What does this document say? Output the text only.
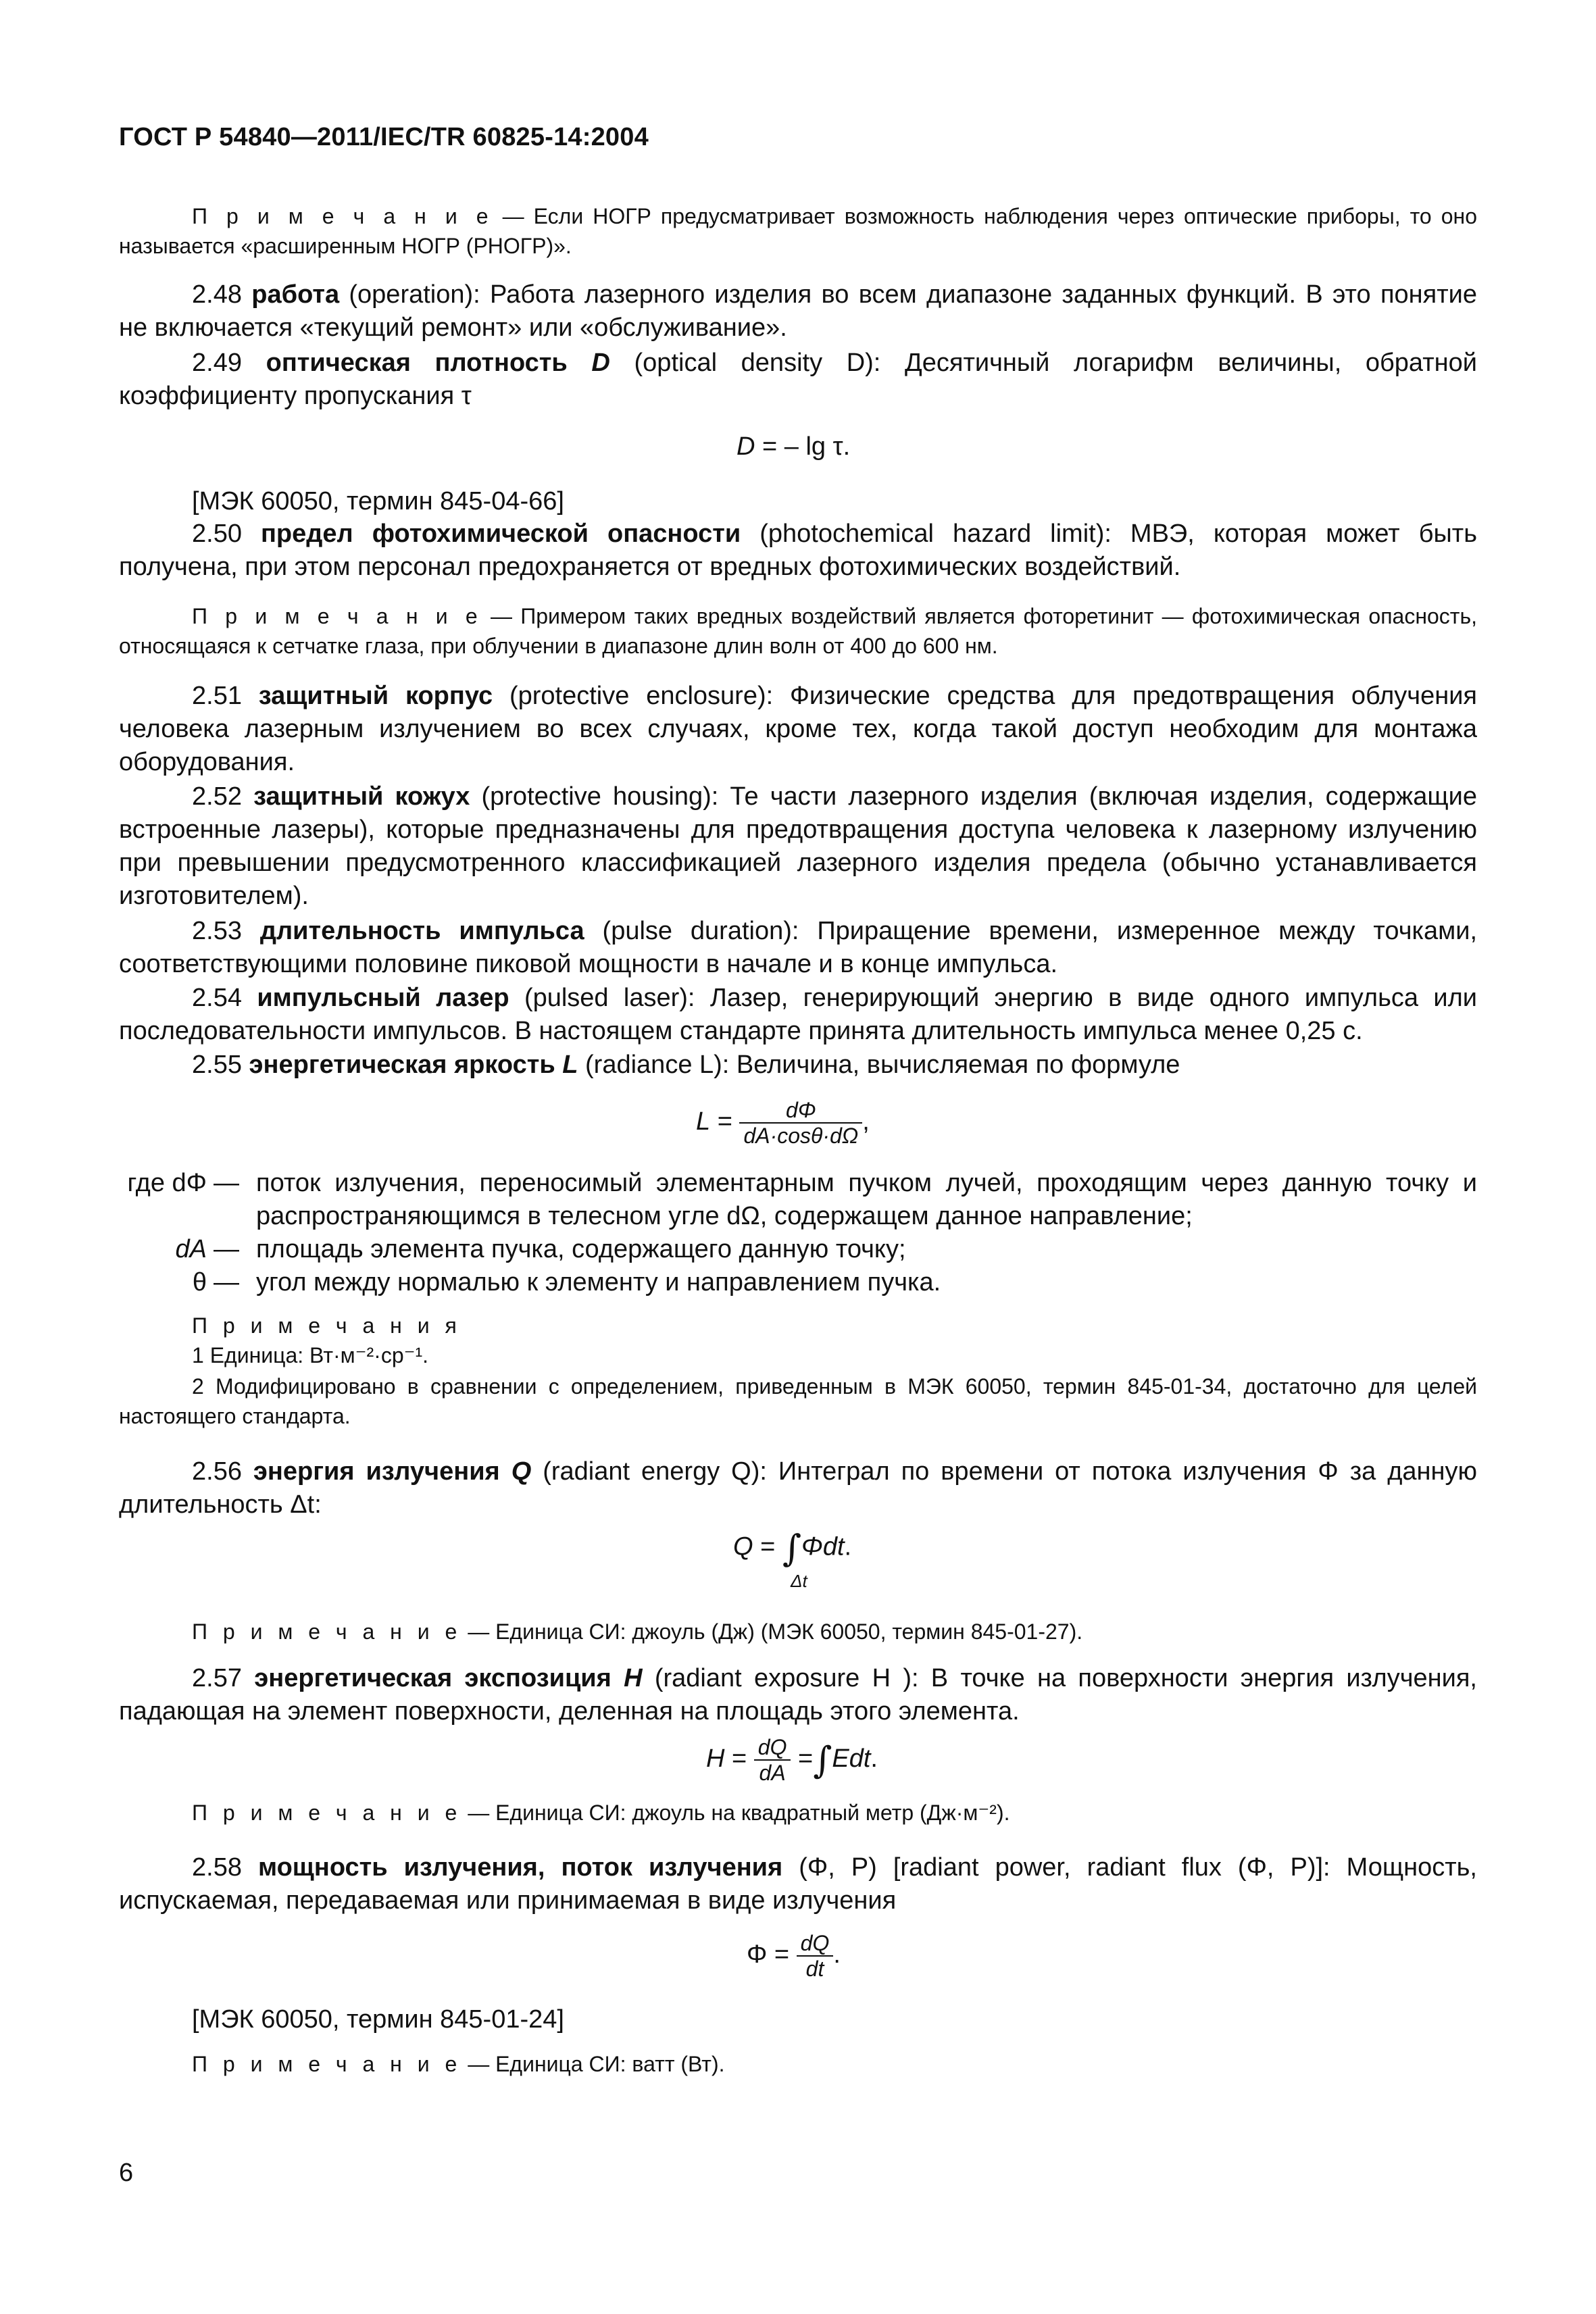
ГОСТ Р 54840—2011/IEC/TR 60825-14:2004
П р и м е ч а н и е — Если НОГР предусматривает возможность наблюдения через оптические приборы, то оно называется «расширенным НОГР (РНОГР)».
2.48 работа (operation): Работа лазерного изделия во всем диапазоне заданных функций. В это понятие не включается «текущий ремонт» или «обслуживание».
2.49 оптическая плотность D (optical density D): Десятичный логарифм величины, обратной коэффициенту пропускания τ
D = – lg τ.
[МЭК 60050, термин 845-04-66]
2.50 предел фотохимической опасности (photochemical hazard limit): МВЭ, которая может быть получена, при этом персонал предохраняется от вредных фотохимических воздействий.
П р и м е ч а н и е — Примером таких вредных воздействий является фоторетинит — фотохимическая опасность, относящаяся к сетчатке глаза, при облучении в диапазоне длин волн от 400 до 600 нм.
2.51 защитный корпус (protective enclosure): Физические средства для предотвращения облучения человека лазерным излучением во всех случаях, кроме тех, когда такой доступ необходим для монтажа оборудования.
2.52 защитный кожух (protective housing): Те части лазерного изделия (включая изделия, содержащие встроенные лазеры), которые предназначены для предотвращения доступа человека к лазерному излучению при превышении предусмотренного классификацией лазерного изделия предела (обычно устанавливается изготовителем).
2.53 длительность импульса (pulse duration): Приращение времени, измеренное между точками, соответствующими половине пиковой мощности в начале и в конце импульса.
2.54 импульсный лазер (pulsed laser): Лазер, генерирующий энергию в виде одного импульса или последовательности импульсов. В настоящем стандарте принята длительность импульса менее 0,25 с.
2.55 энергетическая яркость L (radiance L): Величина, вычисляемая по формуле
$L = \frac{d\Phi}{dA\cdot\cos\theta\cdot d\Omega}$ ,
где dΦ — поток излучения, переносимый элементарным пучком лучей, проходящим через данную точку и распространяющимся в телесном угле dΩ, содержащем данное направление;
dA — площадь элемента пучка, содержащего данную точку;
θ — угол между нормалью к элементу и направлением пучка.
П р и м е ч а н и я
1 Единица: Вт·м⁻²·ср⁻¹.
2 Модифицировано в сравнении с определением, приведенным в МЭК 60050, термин 845-01-34, достаточно для целей настоящего стандарта.
2.56 энергия излучения Q (radiant energy Q): Интеграл по времени от потока излучения Φ за данную длительность Δt:
Q = ∫Φdt.
Δt
П р и м е ч а н и е — Единица СИ: джоуль (Дж) (МЭК 60050, термин 845-01-27).
2.57 энергетическая экспозиция H (radiant exposure H ): В точке на поверхности энергия излучения, падающая на элемент поверхности, деленная на площадь этого элемента.
$H = \frac{dQ}{dA} =\int Edt$.
П р и м е ч а н и е — Единица СИ: джоуль на квадратный метр (Дж·м⁻²).
2.58 мощность излучения, поток излучения (Φ, P) [radiant power, radiant flux (Φ, P)]: Мощность, испускаемая, передаваемая или принимаемая в виде излучения
$\Phi = \frac{dQ}{dt}$ .
[МЭК 60050, термин 845-01-24]
П р и м е ч а н и е — Единица СИ: ватт (Вт).
6
